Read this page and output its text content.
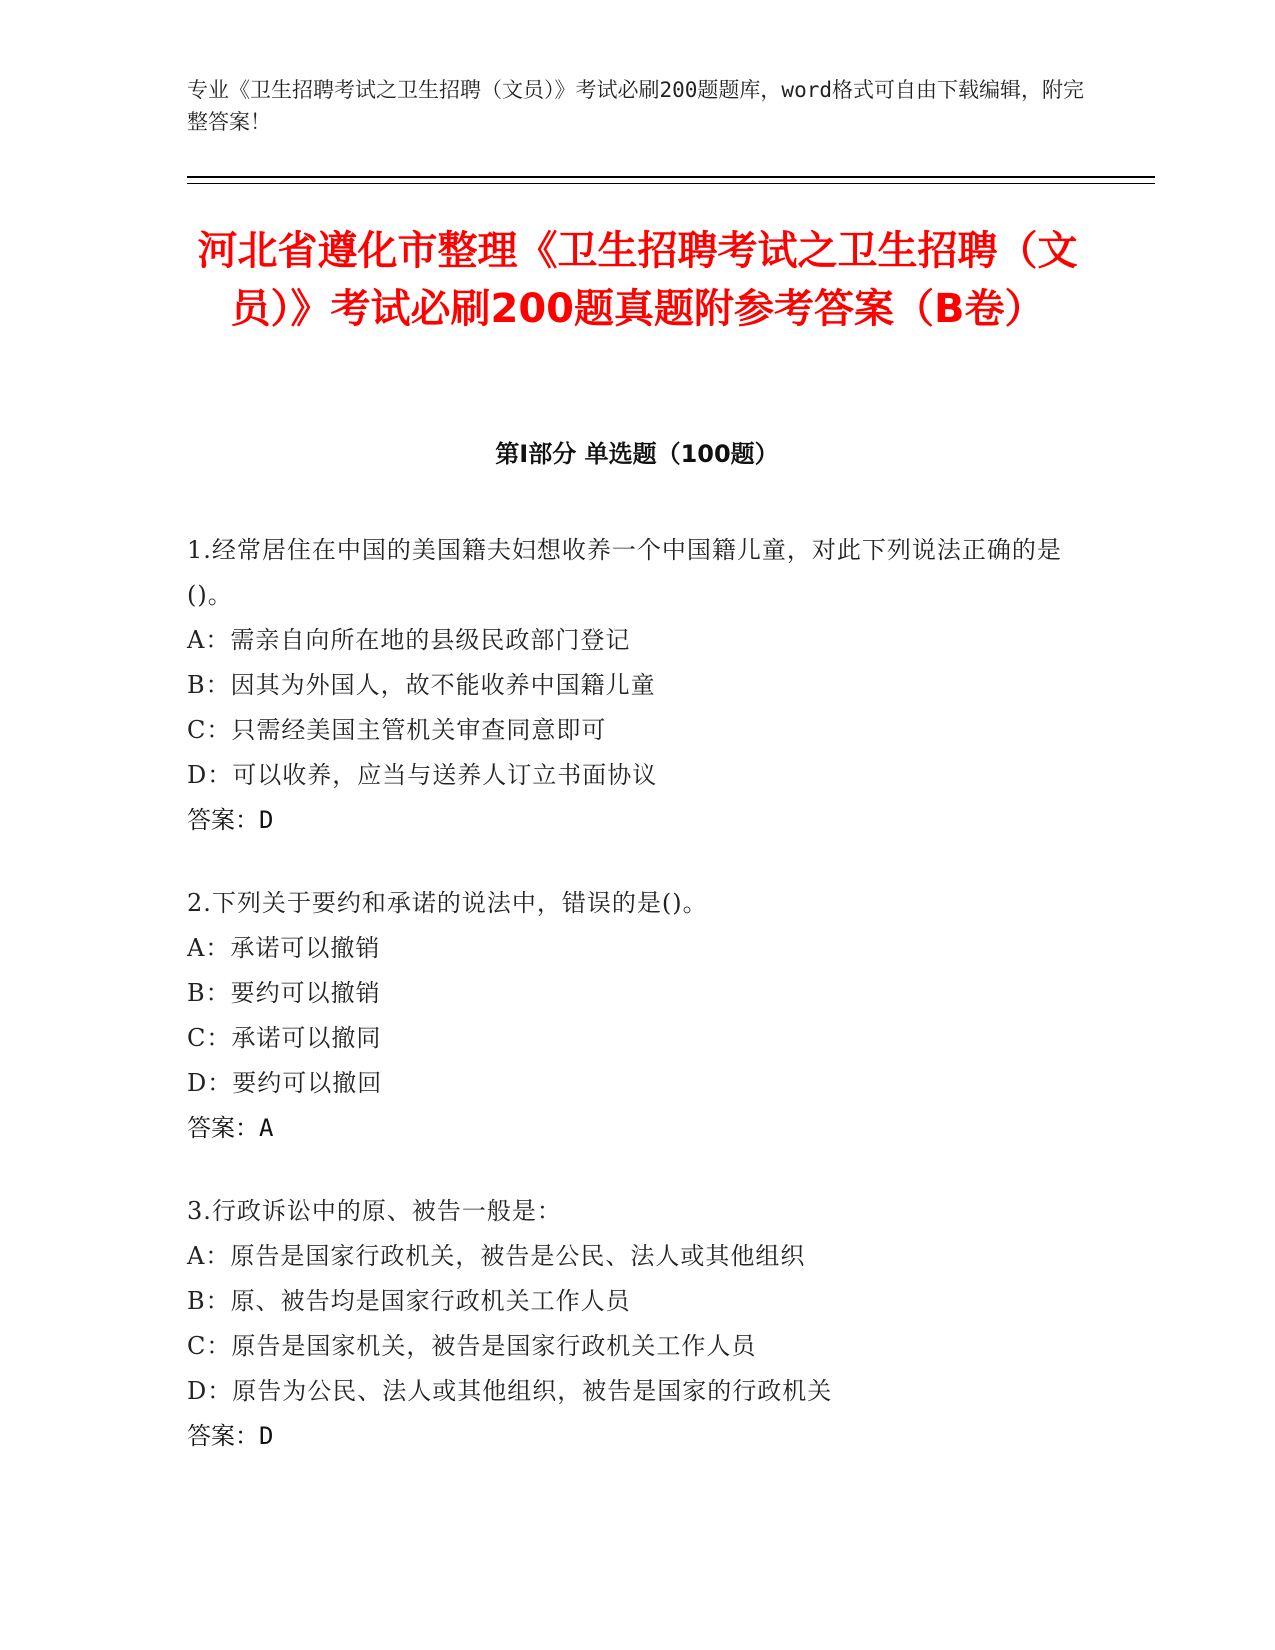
专业《卫生招聘考试之卫生招聘（文员）》考试必刷200题题库，word格式可自由下载编辑，附完整答案！
河北省遵化市整理《卫生招聘考试之卫生招聘（文员）》考试必刷200题真题附参考答案（B卷）
第I部分 单选题（100题）
1.经常居住在中国的美国籍夫妇想收养一个中国籍儿童，对此下列说法正确的是()。
A：需亲自向所在地的县级民政部门登记
B：因其为外国人，故不能收养中国籍儿童
C：只需经美国主管机关审查同意即可
D：可以收养，应当与送养人订立书面协议
答案：D
2.下列关于要约和承诺的说法中，错误的是()。
A：承诺可以撤销
B：要约可以撤销
C：承诺可以撤同
D：要约可以撤回
答案：A
3.行政诉讼中的原、被告一般是：
A：原告是国家行政机关，被告是公民、法人或其他组织
B：原、被告均是国家行政机关工作人员
C：原告是国家机关，被告是国家行政机关工作人员
D：原告为公民、法人或其他组织，被告是国家的行政机关
答案：D
